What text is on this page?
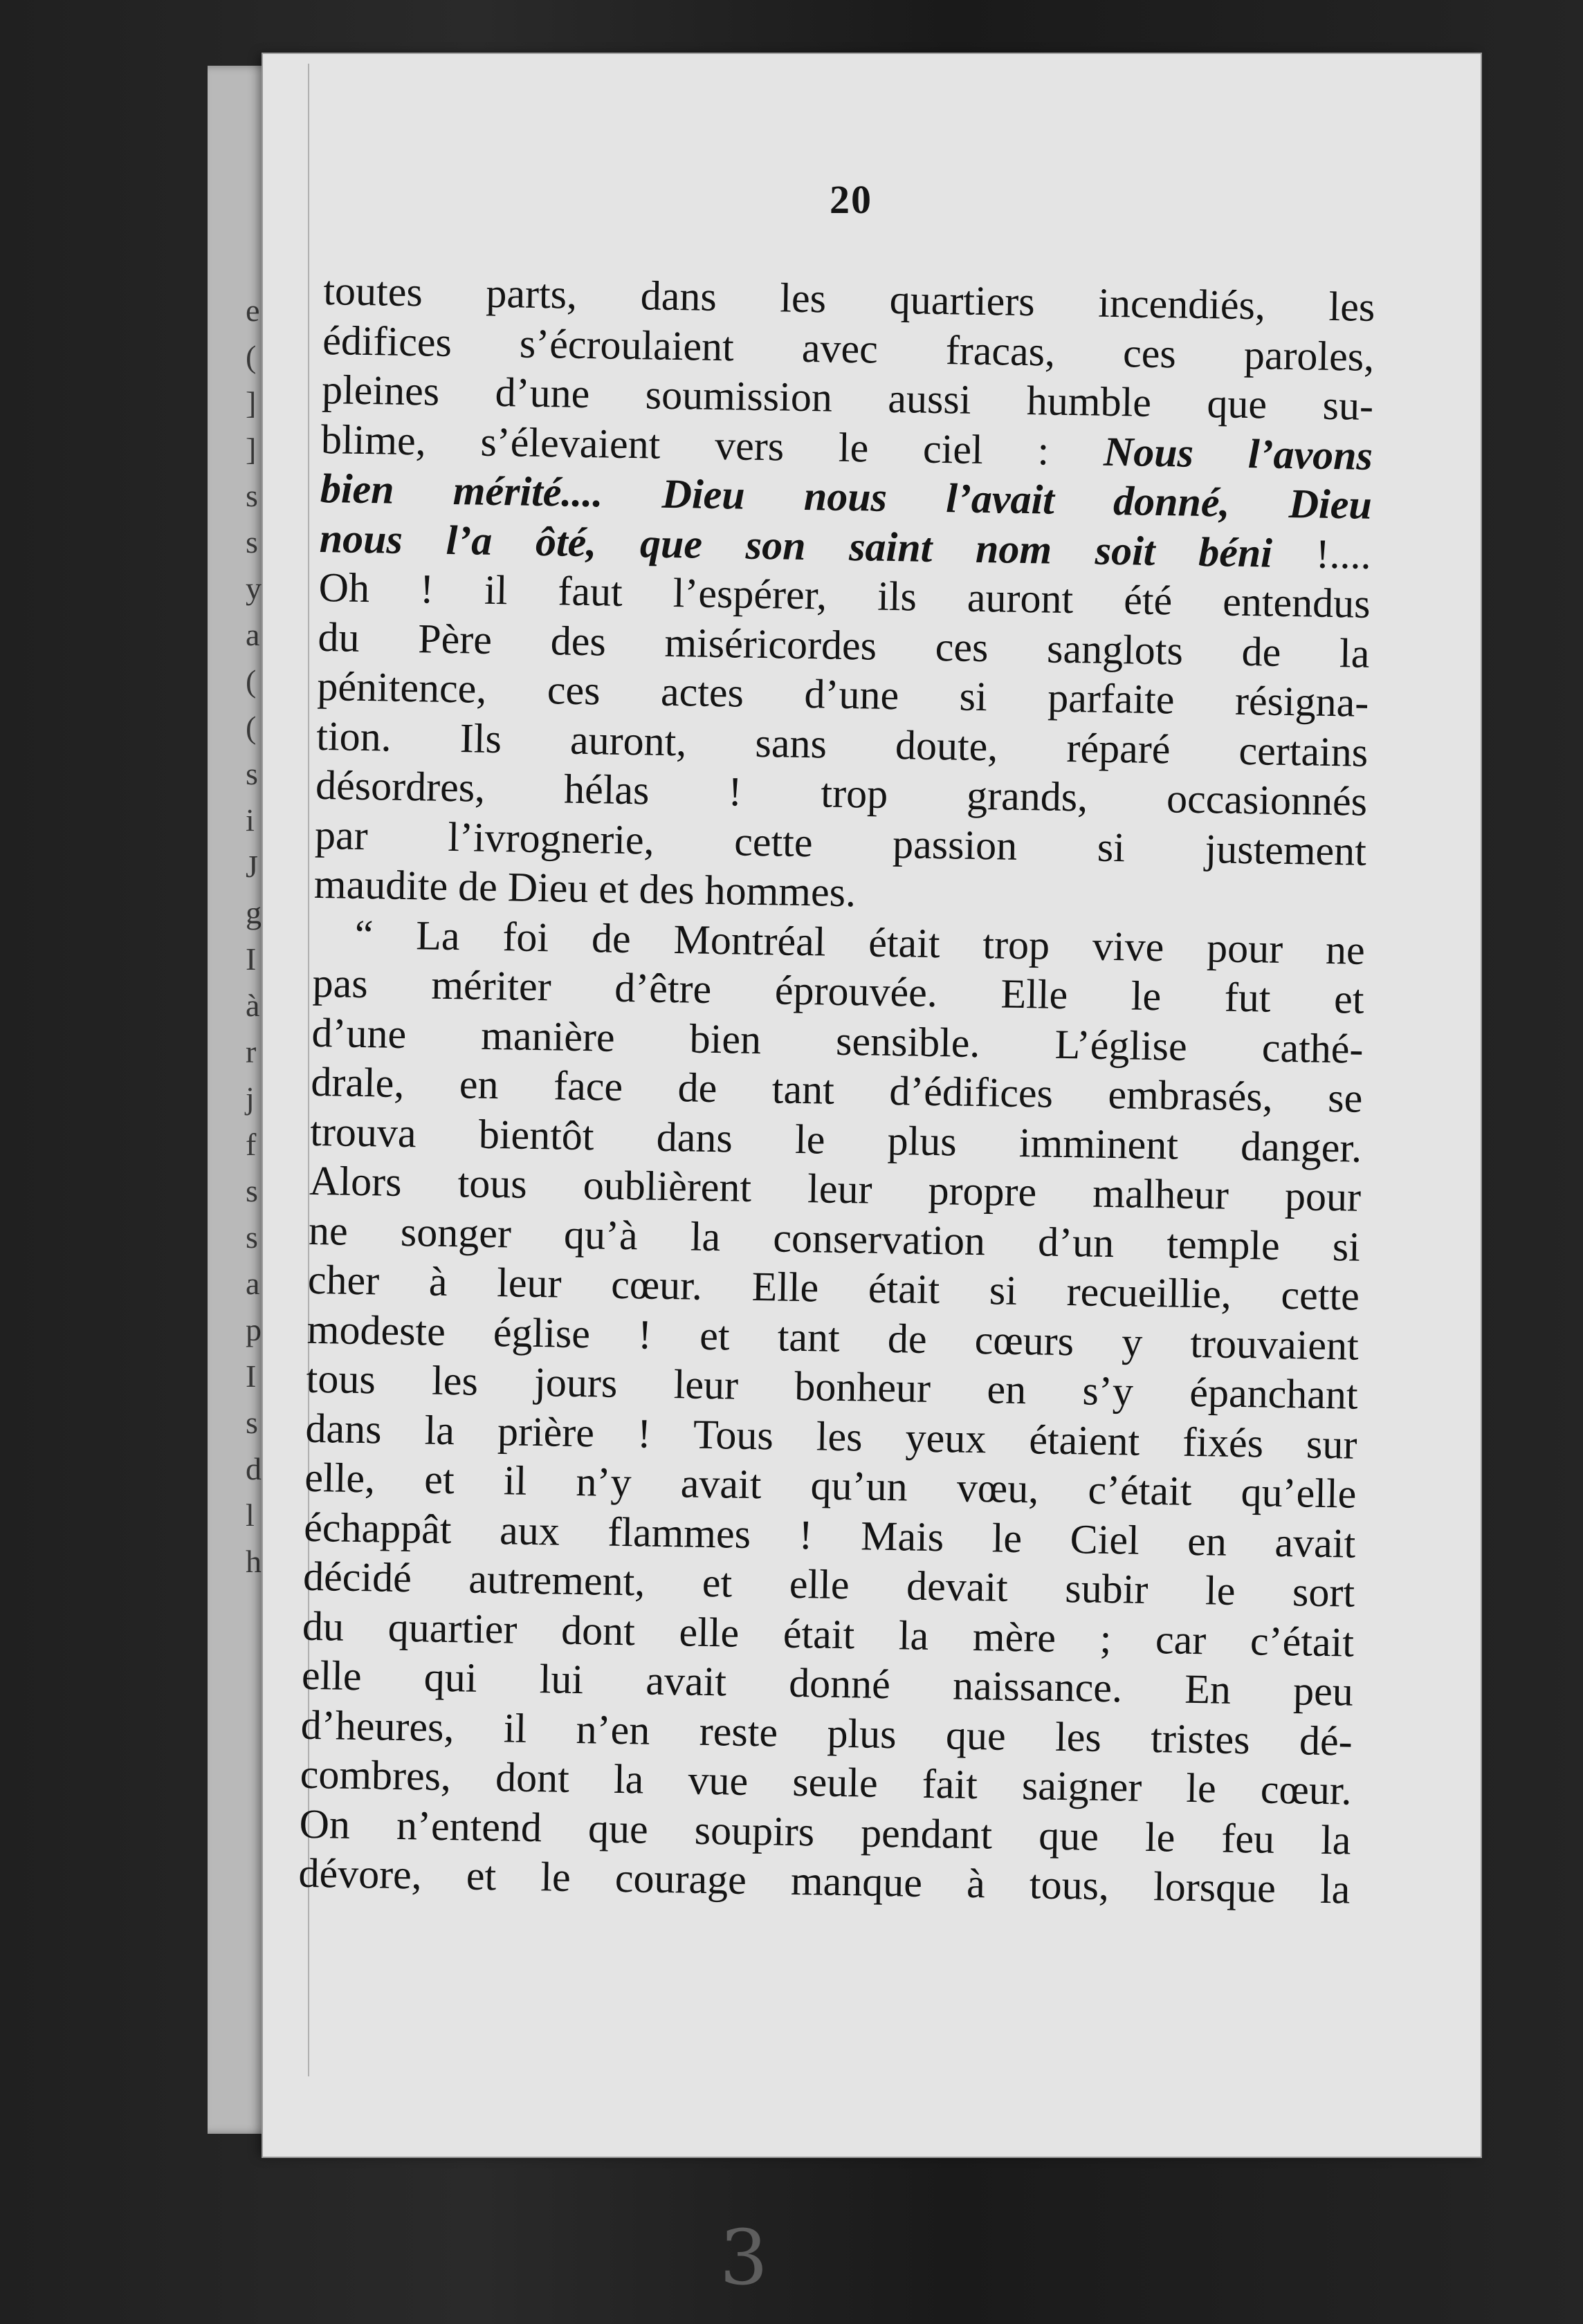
e
(
]
]
s
s
y
a
(
(
s
i
J
g
I
à
r
j
f
s
s
a
p
I
s
d
l
h
20
toutes parts, dans les quartiers incendiés, les
édifices s’écroulaient avec fracas, ces paroles,
pleines d’une soumission aussi humble que su-
blime, s’élevaient vers le ciel : Nous l’avons
bien mérité.... Dieu nous l’avait donné, Dieu
nous l’a ôté, que son saint nom soit béni !....
Oh ! il faut l’espérer, ils auront été entendus
du Père des miséricordes ces sanglots de la
pénitence, ces actes d’une si parfaite résigna-
tion. Ils auront, sans doute, réparé certains
désordres, hélas ! trop grands, occasionnés
par l’ivrognerie, cette passion si justement
maudite de Dieu et des hommes.
“ La foi de Montréal était trop vive pour ne
pas mériter d’être éprouvée. Elle le fut et
d’une manière bien sensible. L’église cathé-
drale, en face de tant d’édifices embrasés, se
trouva bientôt dans le plus imminent danger.
Alors tous oublièrent leur propre malheur pour
ne songer qu’à la conservation d’un temple si
cher à leur cœur. Elle était si recueillie, cette
modeste église ! et tant de cœurs y trouvaient
tous les jours leur bonheur en s’y épanchant
dans la prière ! Tous les yeux étaient fixés sur
elle, et il n’y avait qu’un vœu, c’était qu’elle
échappât aux flammes ! Mais le Ciel en avait
décidé autrement, et elle devait subir le sort
du quartier dont elle était la mère ; car c’était
elle qui lui avait donné naissance. En peu
d’heures, il n’en reste plus que les tristes dé-
combres, dont la vue seule fait saigner le cœur.
On n’entend que soupirs pendant que le feu la
dévore, et le courage manque à tous, lorsque la
3
